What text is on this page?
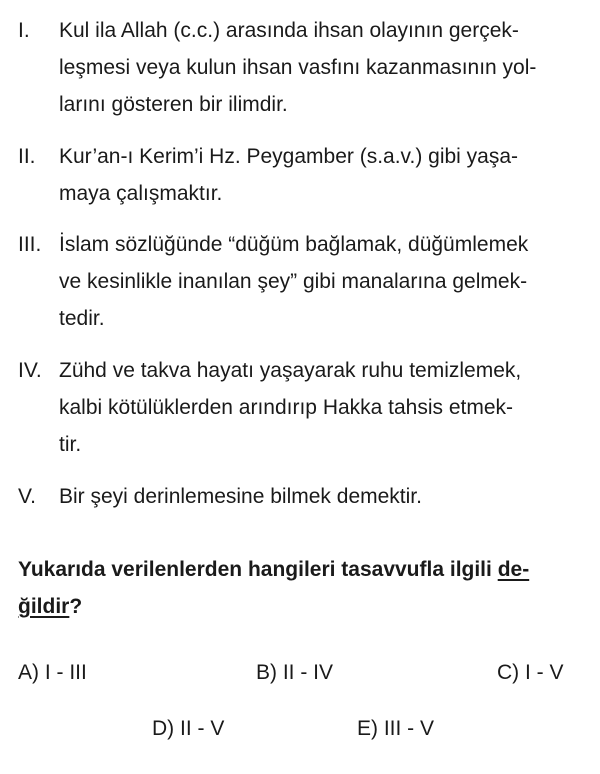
I.	Kul ila Allah (c.c.) arasında ihsan olayının gerçek-
leşmesi veya kulun ihsan vasfını kazanmasının yol-
larını gösteren bir ilimdir.
II.	Kur’an-ı Kerim’i Hz. Peygamber (s.a.v.) gibi yaşa-
maya çalışmaktır.
III. İslam sözlüğünde “düğüm bağlamak, düğümlemek
ve kesinlikle inanılan şey” gibi manalarına gelmek-
tedir.
IV. Zühd ve takva hayatı yaşayarak ruhu temizlemek,
kalbi kötülüklerden arındırıp Hakka tahsis etmek-
tir.
V.	Bir şeyi derinlemesine bilmek demektir.
Yukarıda verilenlerden hangileri tasavvufla ilgili de-
ğildir?
A) I - III	B) II - IV	C) I - V
D) II - V	E) III - V
